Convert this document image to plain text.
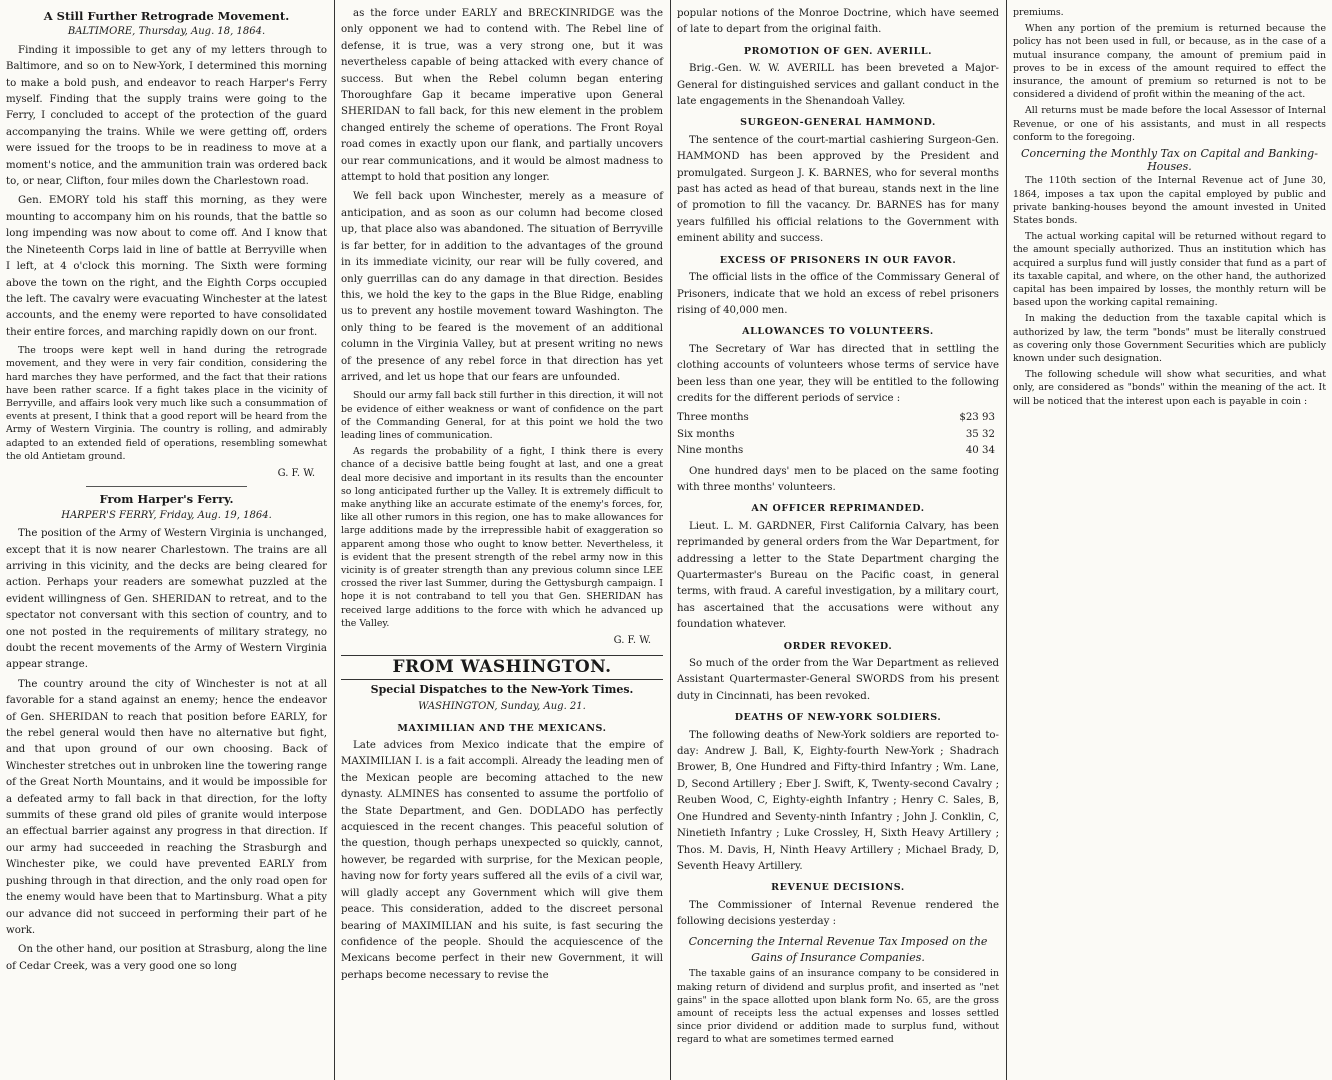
A Still Further Retrograde Movement.
BALTIMORE, Thursday, Aug. 18, 1864.

Finding it impossible to get any of my letters through to Baltimore, and so on to New-York, I determined this morning to make a bold push, and endeavor to reach Harper's Ferry myself. Finding that the supply trains were going to the Ferry, I concluded to accept of the protection of the guard accompanying the trains. While we were getting off, orders were issued for the troops to be in readiness to move at a moment's notice, and the ammunition train was ordered back to, or near, Clifton, four miles down the Charlestown road.

Gen. EMORY told his staff this morning, as they were mounting to accompany him on his rounds, that the battle so long impending was now about to come off. And I know that the Nineteenth Corps laid in line of battle at Berryville when I left, at 4 o'clock this morning. The Sixth were forming above the town on the right, and the Eighth Corps occupied the left. The cavalry were evacuating Winchester at the latest accounts, and the enemy were reported to have consolidated their entire forces, and marching rapidly down on our front.

The troops were kept well in hand during the retrograde movement, and they were in very fair condition, considering the hard marches they have performed, and the fact that their rations have been rather scarce. If a fight takes place in the vicinity of Berryville, and affairs look very much like such a consummation of events at present, I think that a good report will be heard from the Army of Western Virginia. The country is rolling, and admirably adapted to an extended field of operations, resembling somewhat the old Antietam ground.

G. F. W.
From Harper's Ferry.
HARPER'S FERRY, Friday, Aug. 19, 1864.

The position of the Army of Western Virginia is unchanged, except that it is now nearer Charlestown. The trains are all arriving in this vicinity, and the decks are being cleared for action. Perhaps your readers are somewhat puzzled at the evident willingness of Gen. SHERIDAN to retreat, and to the spectator not conversant with this section of country, and to one not posted in the requirements of military strategy, no doubt the recent movements of the Army of Western Virginia appear strange.

The country around the city of Winchester is not at all favorable for a stand against an enemy; hence the endeavor of Gen. SHERIDAN to reach that position before EARLY, for the rebel general would then have no alternative but fight, and that upon ground of our own choosing. Back of Winchester stretches out in unbroken line the towering range of the Great North Mountains, and it would be impossible for a defeated army to fall back in that direction, for the lofty summits of these grand old piles of granite would interpose an effectual barrier against any progress in that direction. If our army had succeeded in reaching the Strasburgh and Winchester pike, we could have prevented EARLY from pushing through in that direction, and the only road open for the enemy would have been that to Martinsburg. What a pity our advance did not succeed in performing their part of he work.

On the other hand, our position at Strasburg, along the line of Cedar Creek, was a very good one so long

as the force under EARLY and BRECKINRIDGE was the only opponent we had to contend with. The Rebel line of defense, it is true, was a very strong one, but it was nevertheless capable of being attacked with every chance of success. But when the Rebel column began entering Thoroughfare Gap it became imperative upon General SHERIDAN to fall back, for this new element in the problem changed entirely the scheme of operations. The Front Royal road comes in exactly upon our flank, and partially uncovers our rear communications, and it would be almost madness to attempt to hold that position any longer.

We fell back upon Winchester, merely as a measure of anticipation, and as soon as our column had become closed up, that place also was abandoned. The situation of Berryville is far better, for in addition to the advantages of the ground in its immediate vicinity, our rear will be fully covered, and only guerrillas can do any damage in that direction. Besides this, we hold the key to the gaps in the Blue Ridge, enabling us to prevent any hostile movement toward Washington. The only thing to be feared is the movement of an additional column in the Virginia Valley, but at present writing no news of the presence of any rebel force in that direction has yet arrived, and let us hope that our fears are unfounded.

Should our army fall back still further in this direction, it will not be evidence of either weakness or want of confidence on the part of the Commanding General, for at this point we hold the two leading lines of communication.

As regards the probability of a fight, I think there is every chance of a decisive battle being fought at last, and one a great deal more decisive and important in its results than the encounter so long anticipated further up the Valley. It is extremely difficult to make anything like an accurate estimate of the enemy's forces, for, like all other rumors in this region, one has to make allowances for large additions made by the irrepressible habit of exaggeration so apparent among those who ought to know better. Nevertheless, it is evident that the present strength of the rebel army now in this vicinity is of greater strength than any previous column since LEE crossed the river last Summer, during the Gettysburgh campaign. I hope it is not contraband to tell you that Gen. SHERIDAN has received large additions to the force with which he advanced up the Valley.

G. F. W.
FROM WASHINGTON.
Special Dispatches to the New-York Times.
WASHINGTON, Sunday, Aug. 21.
MAXIMILIAN AND THE MEXICANS.

Late advices from Mexico indicate that the empire of MAXIMILIAN I. is a fait accompli. Already the leading men of the Mexican people are becoming attached to the new dynasty. ALMINES has consented to assume the portfolio of the State Department, and Gen. DODLADO has perfectly acquiesced in the recent changes. This peaceful solution of the question, though perhaps unexpected so quickly, cannot, however, be regarded with surprise, for the Mexican people, having now for forty years suffered all the evils of a civil war, will gladly accept any Government which will give them peace. This consideration, added to the discreet personal bearing of MAXIMILIAN and his suite, is fast securing the confidence of the people. Should the acquiescence of the Mexicans become perfect in their new Government, it will perhaps become necessary to revise the

popular notions of the Monroe Doctrine, which have seemed of late to depart from the original faith.

PROMOTION OF GEN. AVERILL.

Brig.-Gen. W. W. AVERILL has been breveted a Major-General for distinguished services and gallant conduct in the late engagements in the Shenandoah Valley.

SURGEON-GENERAL HAMMOND.

The sentence of the court-martial cashiering Surgeon-Gen. HAMMOND has been approved by the President and promulgated. Surgeon J. K. BARNES, who for several months past has acted as head of that bureau, stands next in the line of promotion to fill the vacancy. Dr. BARNES has for many years fulfilled his official relations to the Government with eminent ability and success.

EXCESS OF PRISONERS IN OUR FAVOR.

The official lists in the office of the Commissary General of Prisoners, indicate that we hold an excess of rebel prisoners rising of 40,000 men.

ALLOWANCES TO VOLUNTEERS.

The Secretary of War has directed that in settling the clothing accounts of volunteers whose terms of service have been less than one year, they will be entitled to the following credits for the different periods of service :

Three months	$23 93
Six months	35 32
Nine months	40 34

One hundred days' men to be placed on the same footing with three months' volunteers.

AN OFFICER REPRIMANDED.

Lieut. L. M. GARDNER, First California Calvary, has been reprimanded by general orders from the War Department, for addressing a letter to the State Department charging the Quartermaster's Bureau on the Pacific coast, in general terms, with fraud. A careful investigation, by a military court, has ascertained that the accusations were without any foundation whatever.

ORDER REVOKED.

So much of the order from the War Department as relieved Assistant Quartermaster-General SWORDS from his present duty in Cincinnati, has been revoked.

DEATHS OF NEW-YORK SOLDIERS.

The following deaths of New-York soldiers are reported to-day: Andrew J. Ball, K, Eighty-fourth New-York ; Shadrach Brower, B, One Hundred and Fifty-third Infantry ; Wm. Lane, D, Second Artillery ; Eber J. Swift, K, Twenty-second Cavalry ; Reuben Wood, C, Eighty-eighth Infantry ; Henry C. Sales, B, One Hundred and Seventy-ninth Infantry ; John J. Conklin, C, Ninetieth Infantry ; Luke Crossley, H, Sixth Heavy Artillery ; Thos. M. Davis, H, Ninth Heavy Artillery ; Michael Brady, D, Seventh Heavy Artillery.

REVENUE DECISIONS.

The Commissioner of Internal Revenue rendered the following decisions yesterday :

Concerning the Internal Revenue Tax Imposed on the Gains of Insurance Companies.

The taxable gains of an insurance company to be considered in making return of dividend and surplus profit, and inserted as "net gains" in the space allotted upon blank form No. 65, are the gross amount of receipts less the actual expenses and losses settled since prior dividend or addition made to surplus fund, without regard to what are sometimes termed earned

premiums.

When any portion of the premium is returned because the policy has not been used in full, or because, as in the case of a mutual insurance company, the amount of premium paid in proves to be in excess of the amount required to effect the insurance, the amount of premium so returned is not to be considered a dividend of profit within the meaning of the act.

All returns must be made before the local Assessor of Internal Revenue, or one of his assistants, and must in all respects conform to the foregoing.

Concerning the Monthly Tax on Capital and Banking-Houses.

The 110th section of the Internal Revenue act of June 30, 1864, imposes a tax upon the capital employed by public and private banking-houses beyond the amount invested in United States bonds.

The actual working capital will be returned without regard to the amount specially authorized. Thus an institution which has acquired a surplus fund will justly consider that fund as a part of its taxable capital, and where, on the other hand, the authorized capital has been impaired by losses, the monthly return will be based upon the working capital remaining.

In making the deduction from the taxable capital which is authorized by law, the term "bonds" must be literally construed as covering only those Government Securities which are publicly known under such designation.

The following schedule will show what securities, and what only, are considered as "bonds" within the meaning of the act. It will be noticed that the interest upon each is payable in coin :
